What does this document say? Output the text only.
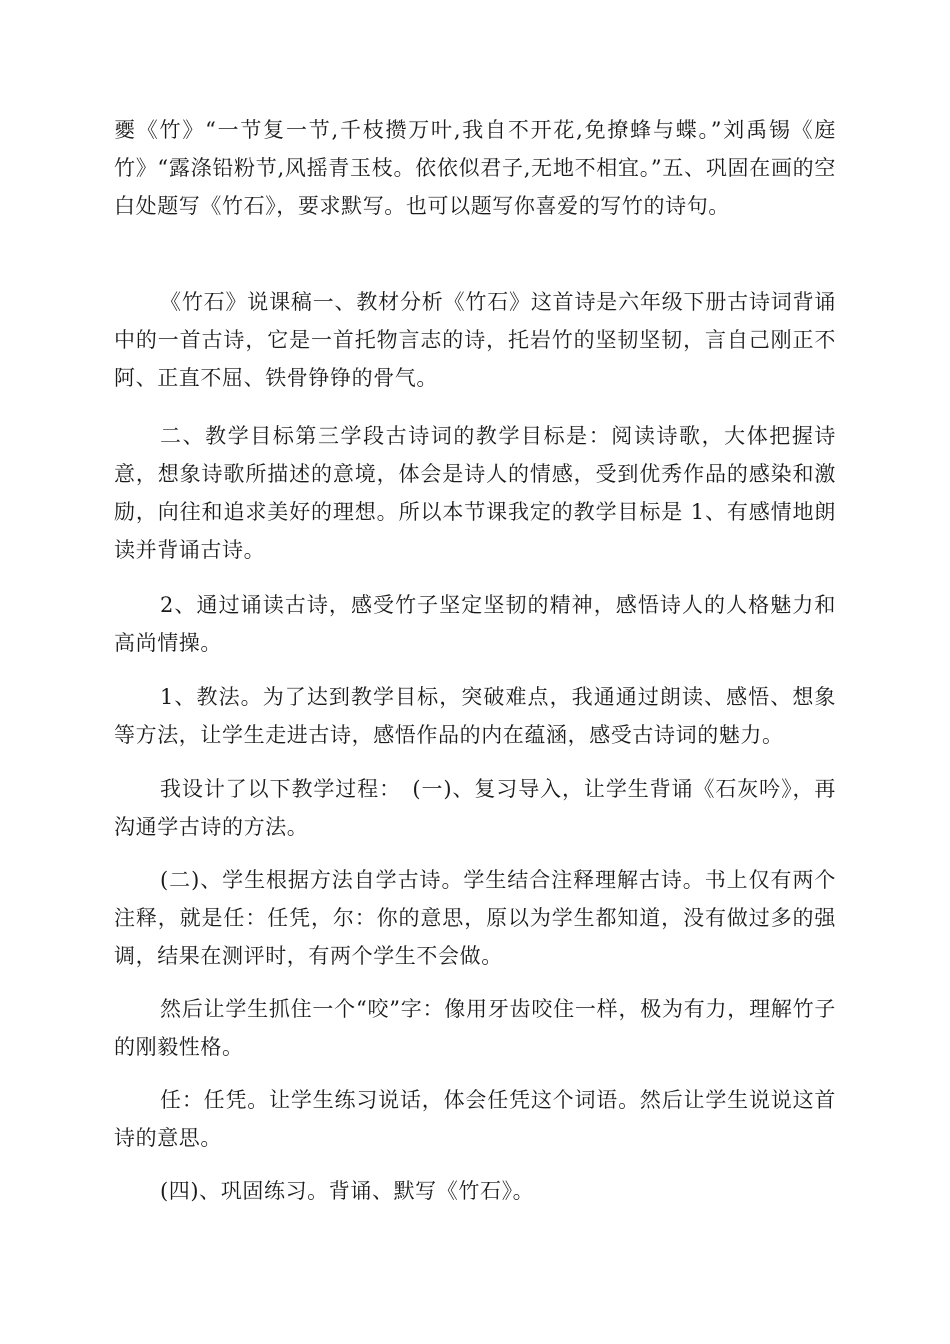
夒《竹》“一节复一节,千枝攒万叶,我自不开花,免撩蜂与蝶。”刘禹锡《庭竹》“露涤铅粉节,风摇青玉枝。依依似君子,无地不相宜。”五、巩固在画的空白处题写《竹石》，要求默写。也可以题写你喜爱的写竹的诗句。

《竹石》说课稿一、教材分析《竹石》这首诗是六年级下册古诗词背诵中的一首古诗，它是一首托物言志的诗，托岩竹的坚韧坚韧，言自己刚正不阿、正直不屈、铁骨铮铮的骨气。

二、教学目标第三学段古诗词的教学目标是：阅读诗歌，大体把握诗意，想象诗歌所描述的意境，体会是诗人的情感，受到优秀作品的感染和激励，向往和追求美好的理想。所以本节课我定的教学目标是 1、有感情地朗读并背诵古诗。

2、通过诵读古诗，感受竹子坚定坚韧的精神，感悟诗人的人格魅力和高尚情操。

1、教法。为了达到教学目标，突破难点，我通通过朗读、感悟、想象等方法，让学生走进古诗，感悟作品的内在蕴涵，感受古诗词的魅力。

我设计了以下教学过程：　(一)、复习导入，让学生背诵《石灰吟》，再沟通学古诗的方法。

(二)、学生根据方法自学古诗。学生结合注释理解古诗。书上仅有两个注释，就是任：任凭，尔：你的意思，原以为学生都知道，没有做过多的强调，结果在测评时，有两个学生不会做。

然后让学生抓住一个“咬”字：像用牙齿咬住一样，极为有力，理解竹子的刚毅性格。

任：任凭。让学生练习说话，体会任凭这个词语。然后让学生说说这首诗的意思。

(四)、巩固练习。背诵、默写《竹石》。
